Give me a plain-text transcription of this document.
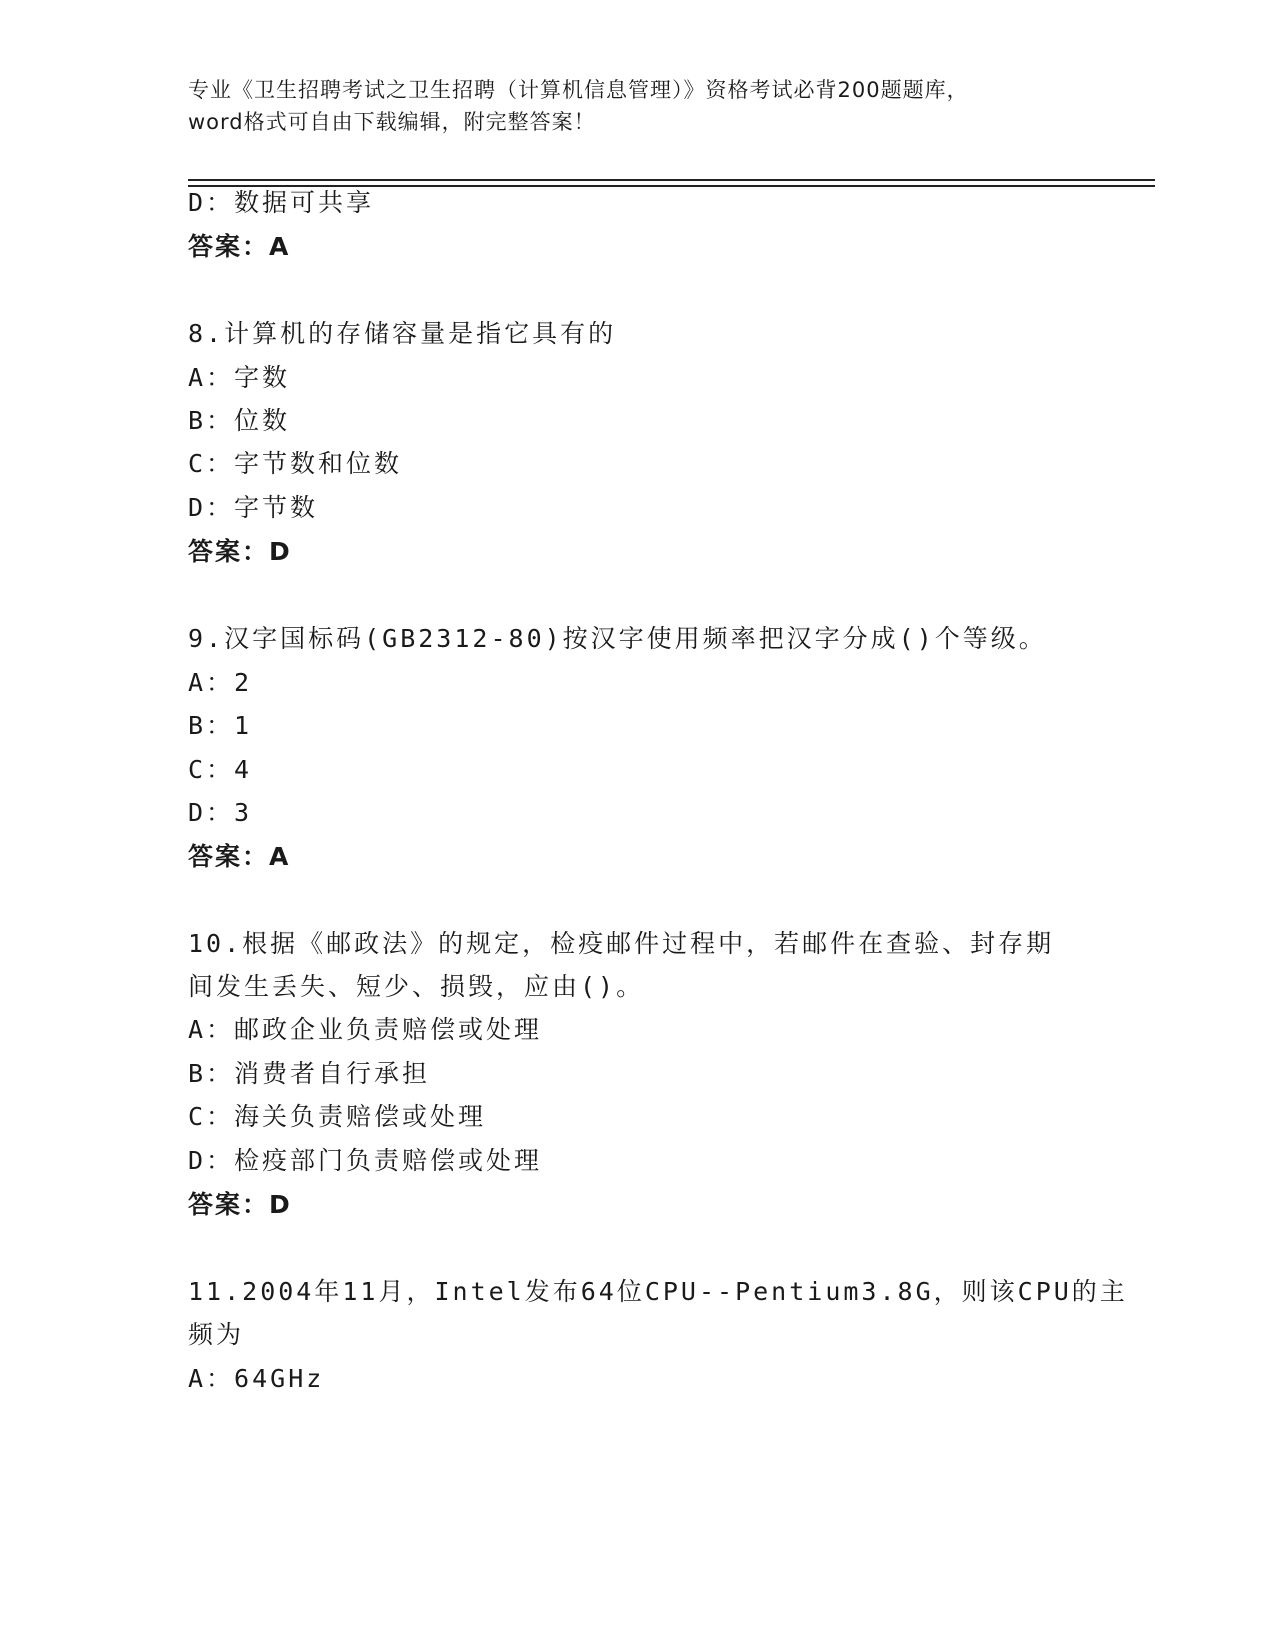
专业《卫生招聘考试之卫生招聘（计算机信息管理）》资格考试必背200题题库，
word格式可自由下载编辑，附完整答案！
D：数据可共享
答案：A
8.计算机的存储容量是指它具有的
A：字数
B：位数
C：字节数和位数
D：字节数
答案：D
9.汉字国标码(GB2312-80)按汉字使用频率把汉字分成()个等级。
A：2
B：1
C：4
D：3
答案：A
10.根据《邮政法》的规定，检疫邮件过程中，若邮件在查验、封存期
间发生丢失、短少、损毁，应由()。
A：邮政企业负责赔偿或处理
B：消费者自行承担
C：海关负责赔偿或处理
D：检疫部门负责赔偿或处理
答案：D
11.2004年11月，Intel发布64位CPU--Pentium3.8G，则该CPU的主
频为
A：64GHz
